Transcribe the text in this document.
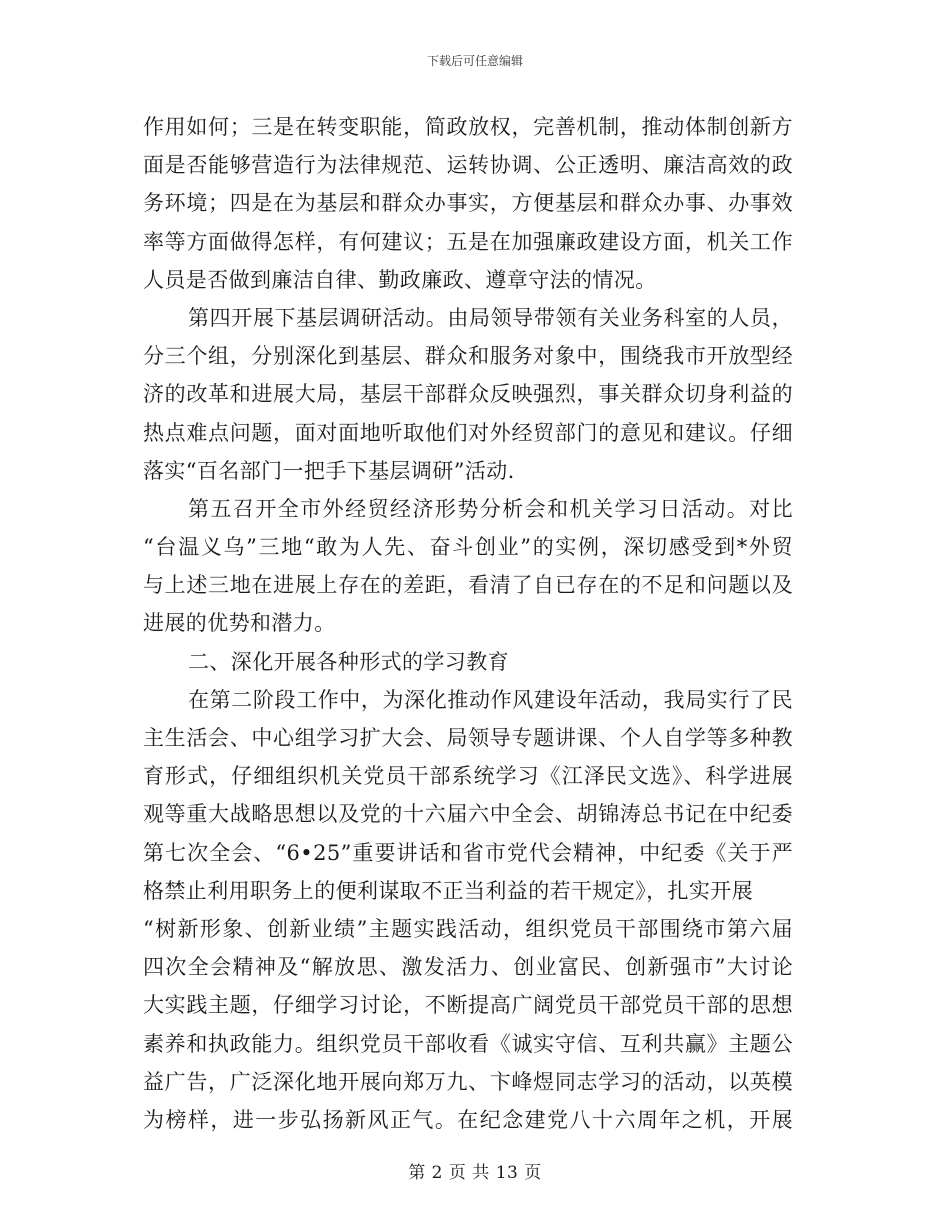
下载后可任意编辑
作用如何；三是在转变职能，简政放权，完善机制，推动体制创新方
面是否能够营造行为法律规范、运转协调、公正透明、廉洁高效的政
务环境；四是在为基层和群众办事实，方便基层和群众办事、办事效
率等方面做得怎样，有何建议；五是在加强廉政建设方面，机关工作
人员是否做到廉洁自律、勤政廉政、遵章守法的情况。
第四开展下基层调研活动。由局领导带领有关业务科室的人员，
分三个组，分别深化到基层、群众和服务对象中，围绕我市开放型经
济的改革和进展大局，基层干部群众反映强烈，事关群众切身利益的
热点难点问题，面对面地听取他们对外经贸部门的意见和建议。仔细
落实“百名部门一把手下基层调研”活动.
第五召开全市外经贸经济形势分析会和机关学习日活动。对比
“台温义乌”三地“敢为人先、奋斗创业”的实例，深切感受到*外贸
与上述三地在进展上存在的差距，看清了自已存在的不足和问题以及
进展的优势和潜力。
二、深化开展各种形式的学习教育
在第二阶段工作中，为深化推动作风建设年活动，我局实行了民
主生活会、中心组学习扩大会、局领导专题讲课、个人自学等多种教
育形式，仔细组织机关党员干部系统学习《江泽民文选》、科学进展
观等重大战略思想以及党的十六届六中全会、胡锦涛总书记在中纪委
第七次全会、“6•25”重要讲话和省市党代会精神，中纪委《关于严
格禁止利用职务上的便利谋取不正当利益的若干规定》，扎实开展
“树新形象、创新业绩”主题实践活动，组织党员干部围绕市第六届
四次全会精神及“解放思、激发活力、创业富民、创新强市”大讨论
大实践主题，仔细学习讨论，不断提高广阔党员干部党员干部的思想
素养和执政能力。组织党员干部收看《诚实守信、互利共赢》主题公
益广告，广泛深化地开展向郑万九、卞峰煜同志学习的活动，以英模
为榜样，进一步弘扬新风正气。在纪念建党八十六周年之机，开展
第 2 页 共 13 页
